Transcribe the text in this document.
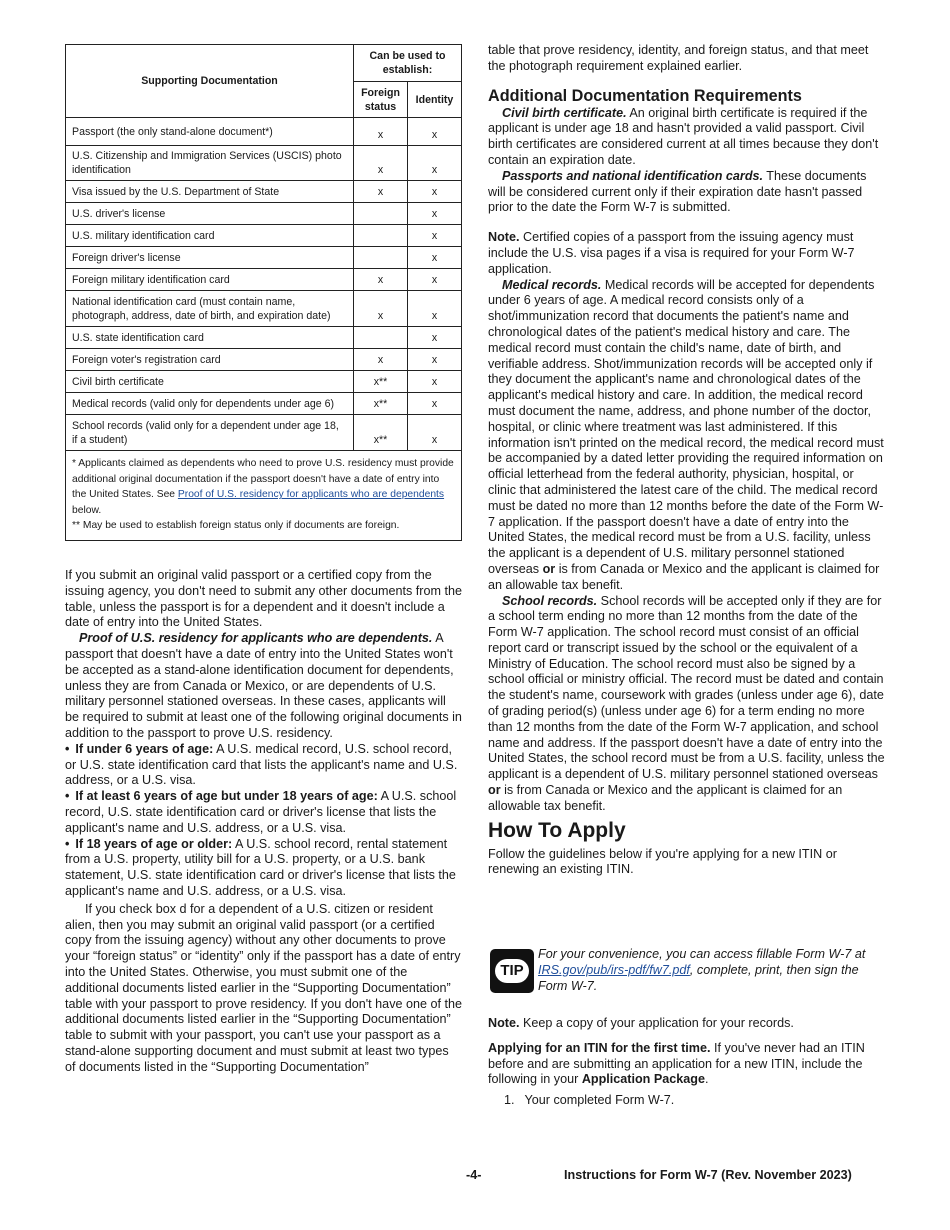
Supporting Documentation	Can be used to establish:	
	Foreign status	Identity
Passport (the only stand-alone document*)	x	x
U.S. Citizenship and Immigration Services (USCIS) photo identification	x	x
Visa issued by the U.S. Department of State	x	x
U.S. driver's license		x
U.S. military identification card		x
Foreign driver's license		x
Foreign military identification card	x	x
National identification card (must contain name, photograph, address, date of birth, and expiration date)	x	x
U.S. state identification card		x
Foreign voter's registration card	x	x
Civil birth certificate	x**	x
Medical records (valid only for dependents under age 6)	x**	x
School records (valid only for a dependent under age 18, if a student)	x**	x
* Applicants claimed as dependents who need to prove U.S. residency must provide additional original documentation if the passport doesn't have a date of entry into the United States. See Proof of U.S. residency for applicants who are dependents below.
** May be used to establish foreign status only if documents are foreign.		

If you submit an original valid passport or a certified copy from the issuing agency, you don't need to submit any other documents from the table, unless the passport is for a dependent and it doesn't include a date of entry into the United States.

Proof of U.S. residency for applicants who are dependents. A passport that doesn't have a date of entry into the United States won't be accepted as a stand-alone identification document for dependents, unless they are from Canada or Mexico, or are dependents of U.S. military personnel stationed overseas. In these cases, applicants will be required to submit at least one of the following original documents in addition to the passport to prove U.S. residency.

• If under 6 years of age: A U.S. medical record, U.S. school record, or U.S. state identification card that lists the applicant's name and U.S. address, or a U.S. visa.

• If at least 6 years of age but under 18 years of age: A U.S. school record, U.S. state identification card or driver's license that lists the applicant's name and U.S. address, or a U.S. visa.

• If 18 years of age or older: A U.S. school record, rental statement from a U.S. property, utility bill for a U.S. property, or a U.S. bank statement, U.S. state identification card or driver's license that lists the applicant's name and U.S. address, or a U.S. visa.

If you check box d for a dependent of a U.S. citizen or resident alien, then you may submit an original valid passport (or a certified copy from the issuing agency) without any other documents to prove your “foreign status” or “identity” only if the passport has a date of entry into the United States. Otherwise, you must submit one of the additional documents listed earlier in the “Supporting Documentation” table with your passport to prove residency. If you don't have one of the additional documents listed earlier in the “Supporting Documentation” table to submit with your passport, you can't use your passport as a stand-alone supporting document and must submit at least two types of documents listed in the “Supporting Documentation”

table that prove residency, identity, and foreign status, and that meet the photograph requirement explained earlier.

Additional Documentation Requirements

Civil birth certificate. An original birth certificate is required if the applicant is under age 18 and hasn't provided a valid passport. Civil birth certificates are considered current at all times because they don't contain an expiration date.

Passports and national identification cards. These documents will be considered current only if their expiration date hasn't passed prior to the date the Form W-7 is submitted.

Note. Certified copies of a passport from the issuing agency must include the U.S. visa pages if a visa is required for your Form W-7 application.

Medical records. Medical records will be accepted for dependents under 6 years of age. A medical record consists only of a shot/immunization record that documents the patient's name and chronological dates of the patient's medical history and care. The medical record must contain the child's name, date of birth, and verifiable address. Shot/immunization records will be accepted only if they document the applicant's name and chronological dates of the applicant's medical history and care. In addition, the medical record must document the name, address, and phone number of the doctor, hospital, or clinic where treatment was last administered. If this information isn't printed on the medical record, the medical record must be accompanied by a dated letter providing the required information on official letterhead from the federal authority, physician, hospital, or clinic that administered the latest care of the child. The medical record must be dated no more than 12 months before the date of the Form W-7 application. If the passport doesn't have a date of entry into the United States, the medical record must be from a U.S. facility, unless the applicant is a dependent of U.S. military personnel stationed overseas or is from Canada or Mexico and the applicant is claimed for an allowable tax benefit.

School records. School records will be accepted only if they are for a school term ending no more than 12 months from the date of the Form W-7 application. The school record must consist of an official report card or transcript issued by the school or the equivalent of a Ministry of Education. The school record must also be signed by a school official or ministry official. The record must be dated and contain the student's name, coursework with grades (unless under age 6), date of grading period(s) (unless under age 6) for a term ending no more than 12 months from the date of the Form W-7 application, and school name and address. If the passport doesn't have a date of entry into the United States, the school record must be from a U.S. facility, unless the applicant is a dependent of U.S. military personnel stationed overseas or is from Canada or Mexico and the applicant is claimed for an allowable tax benefit.

How To Apply

Follow the guidelines below if you're applying for a new ITIN or renewing an existing ITIN.

TIP

For your convenience, you can access fillable Form W-7 at IRS.gov/pub/irs-pdf/fw7.pdf, complete, print, then sign the Form W-7.

Note. Keep a copy of your application for your records.

Applying for an ITIN for the first time. If you've never had an ITIN before and are submitting an application for a new ITIN, include the following in your Application Package.

1. Your completed Form W-7.

-4-	Instructions for Form W-7 (Rev. November 2023)
